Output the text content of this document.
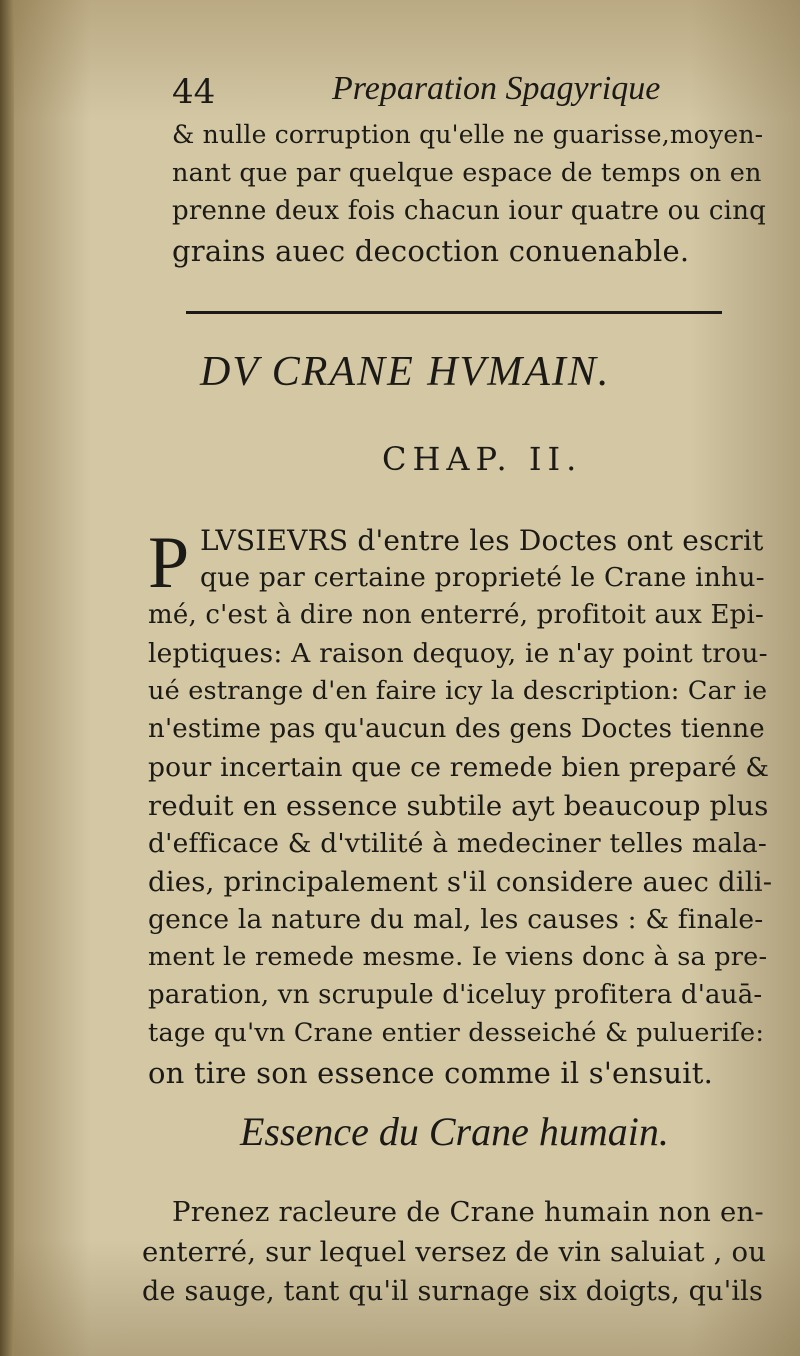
44	Preparation Spagyrique
& nulle corruption qu'elle ne guarisse,moyen-
nant que par quelque espace de temps on en
prenne deux fois chacun iour quatre ou cinq
grains auec decoction conuenable.
DV CRANE HVMAIN.
CHAP. II.
P LVSIEVRS d'entre les Doctes ont escrit
que par certaine proprieté le Crane inhu-
mé, c'est à dire non enterré, profitoit aux Epi-
leptiques: A raison dequoy, ie n'ay point trou-
ué estrange d'en faire icy la description: Car ie
n'estime pas qu'aucun des gens Doctes tienne
pour incertain que ce remede bien preparé &
reduit en essence subtile ayt beaucoup plus
d'efficace & d'vtilité à medeciner telles mala-
dies, principalement s'il considere auec dili-
gence la nature du mal, les causes : & finale-
ment le remede mesme. Ie viens donc à sa pre-
paration, vn scrupule d'iceluy profitera d'auā-
tage qu'vn Crane entier desseiché & pulueriſe:
on tire son essence comme il s'ensuit.
Essence du Crane humain.
Prenez racleure de Crane humain non en-
enterré, sur lequel versez de vin saluiat , ou
de sauge, tant qu'il surnage six doigts, qu'ils
